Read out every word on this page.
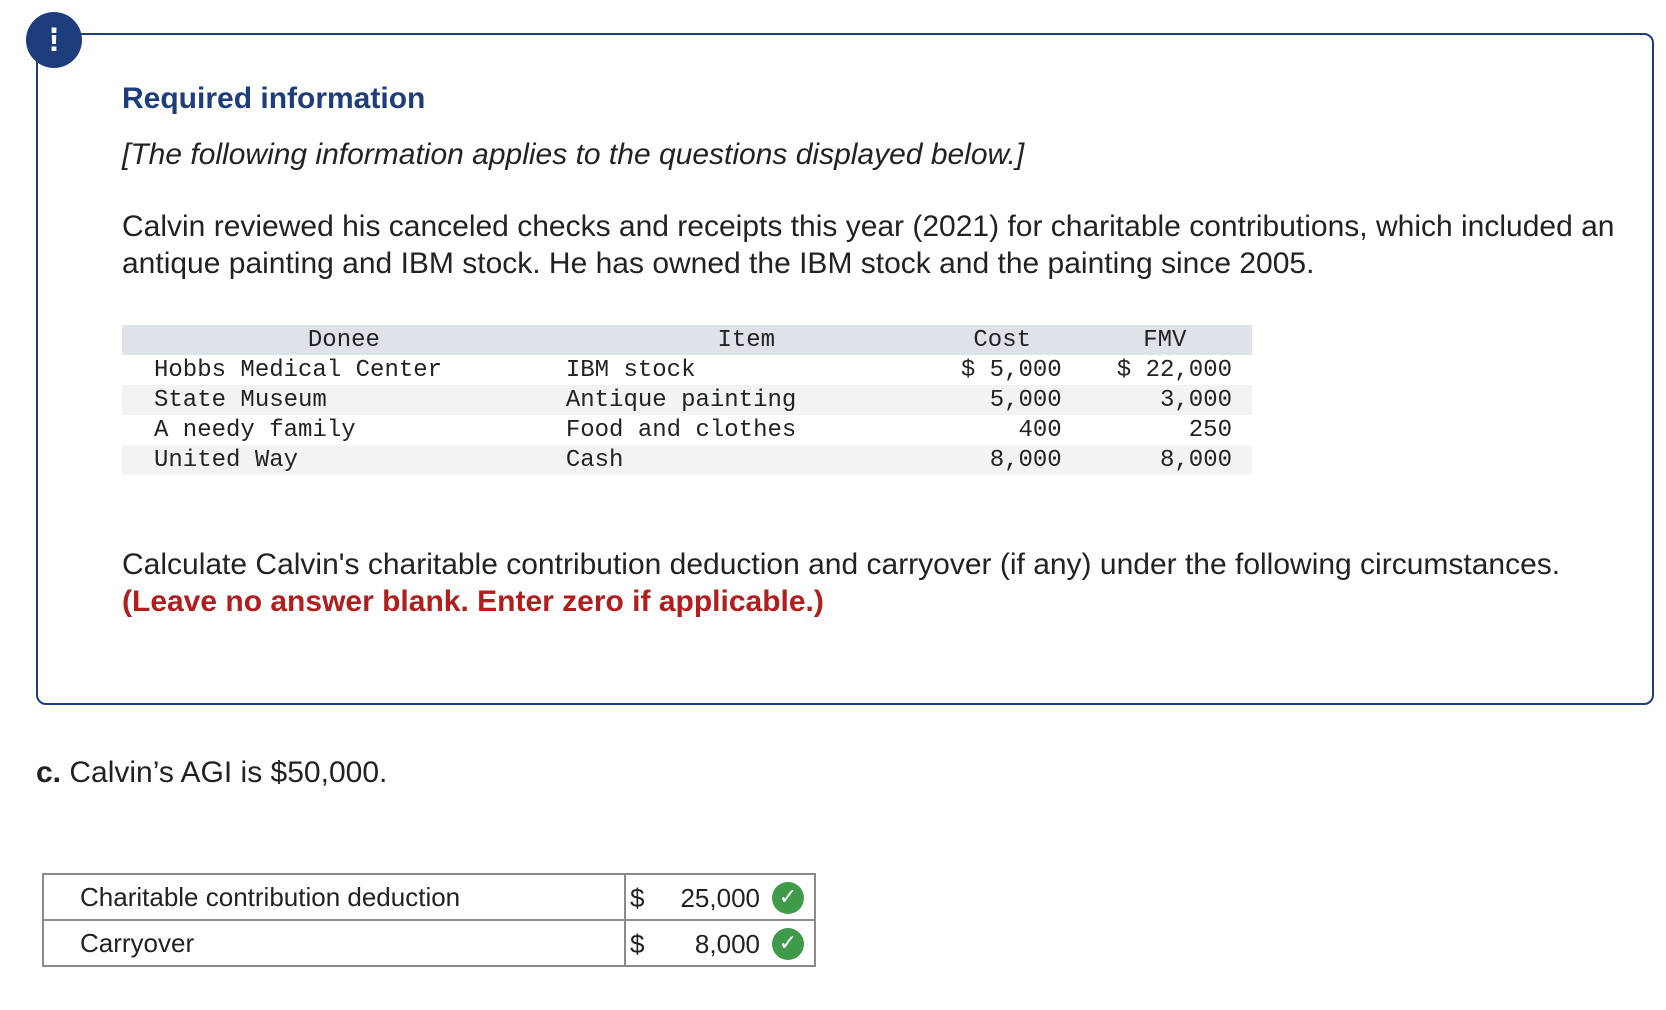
!
Required information
[The following information applies to the questions displayed below.]
Calvin reviewed his canceled checks and receipts this year (2021) for charitable contributions, which included an antique painting and IBM stock. He has owned the IBM stock and the painting since 2005.
Donee	Item	Cost	FMV
Hobbs Medical Center	IBM stock	$ 5,000	$ 22,000
State Museum	Antique painting	5,000	3,000
A needy family	Food and clothes	400	250
United Way	Cash	8,000	8,000
Calculate Calvin's charitable contribution deduction and carryover (if any) under the following circumstances. (Leave no answer blank. Enter zero if applicable.)
c. Calvin’s AGI is $50,000.
Charitable contribution deduction	$ 25,000 ✓

Carryover	$ 8,000 ✓
